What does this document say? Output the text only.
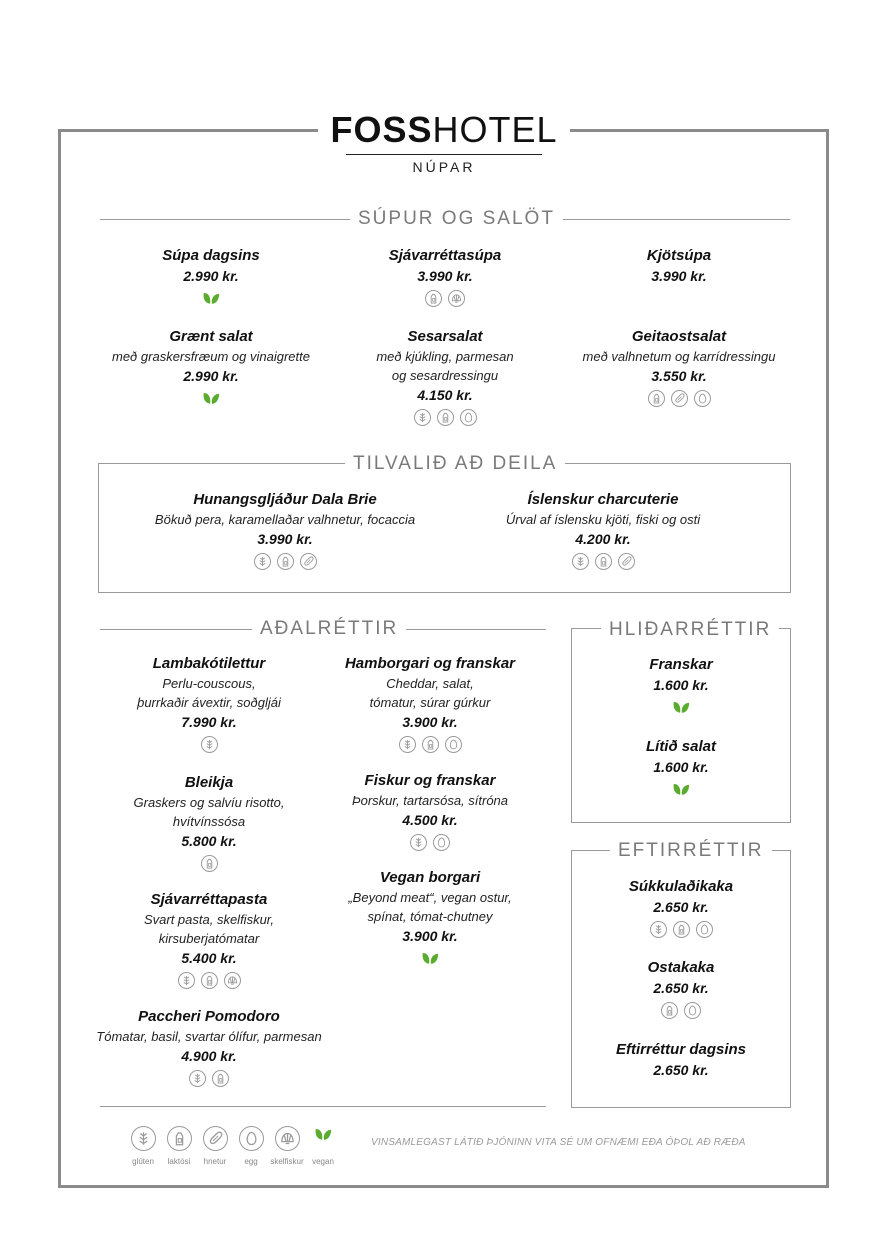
FOSSHOTEL
NÚPAR
SÚPUR OG SALÖT
TILVALIÐ AÐ DEILA
AÐALRÉTTIR	HLIÐARRÉTTIR
EFTIRRÉTTIR
Súpa dagsins
2.990 kr.
Sjávarréttasúpa
3.990 kr.
Kjötsúpa
3.990 kr.
Grænt salat
með graskersfræum og vinaigrette
2.990 kr.
Sesarsalat
með kjúkling, parmesan
og sesardressingu
4.150 kr.
Geitaostsalat
með valhnetum og karrídressingu
3.550 kr.
Hunangsgljáður Dala Brie
Bökuð pera, karamellaðar valhnetur, focaccia
3.990 kr.
Íslenskur charcuterie
Úrval af íslensku kjöti, fiski og osti
4.200 kr.
Lambakótilettur
Perlu-couscous,
þurrkaðir ávextir, soðgljái
7.990 kr.
Hamborgari og franskar
Cheddar, salat,
tómatur, súrar gúrkur
3.900 kr.
Bleikja
Graskers og salvíu risotto,
hvítvínssósa
5.800 kr.
Fiskur og franskar
Þorskur, tartarsósa, sítróna
4.500 kr.
Sjávarréttapasta
Svart pasta, skelfiskur,
kirsuberjatómatar
5.400 kr.
Vegan borgari
„Beyond meat“, vegan ostur,
spínat, tómat-chutney
3.900 kr.
Paccheri Pomodoro
Tómatar, basil, svartar ólífur, parmesan
4.900 kr.
Franskar
1.600 kr.
Lítið salat
1.600 kr.
Súkkulaðikaka
2.650 kr.
Ostakaka
2.650 kr.
Eftirréttur dagsins
2.650 kr.
glúten laktósi hnetur egg skelfiskur vegan
VINSAMLEGAST LÁTIÐ ÞJÓNINN VITA SÉ UM OFNÆMI EÐA ÓÞOL AÐ RÆÐA
